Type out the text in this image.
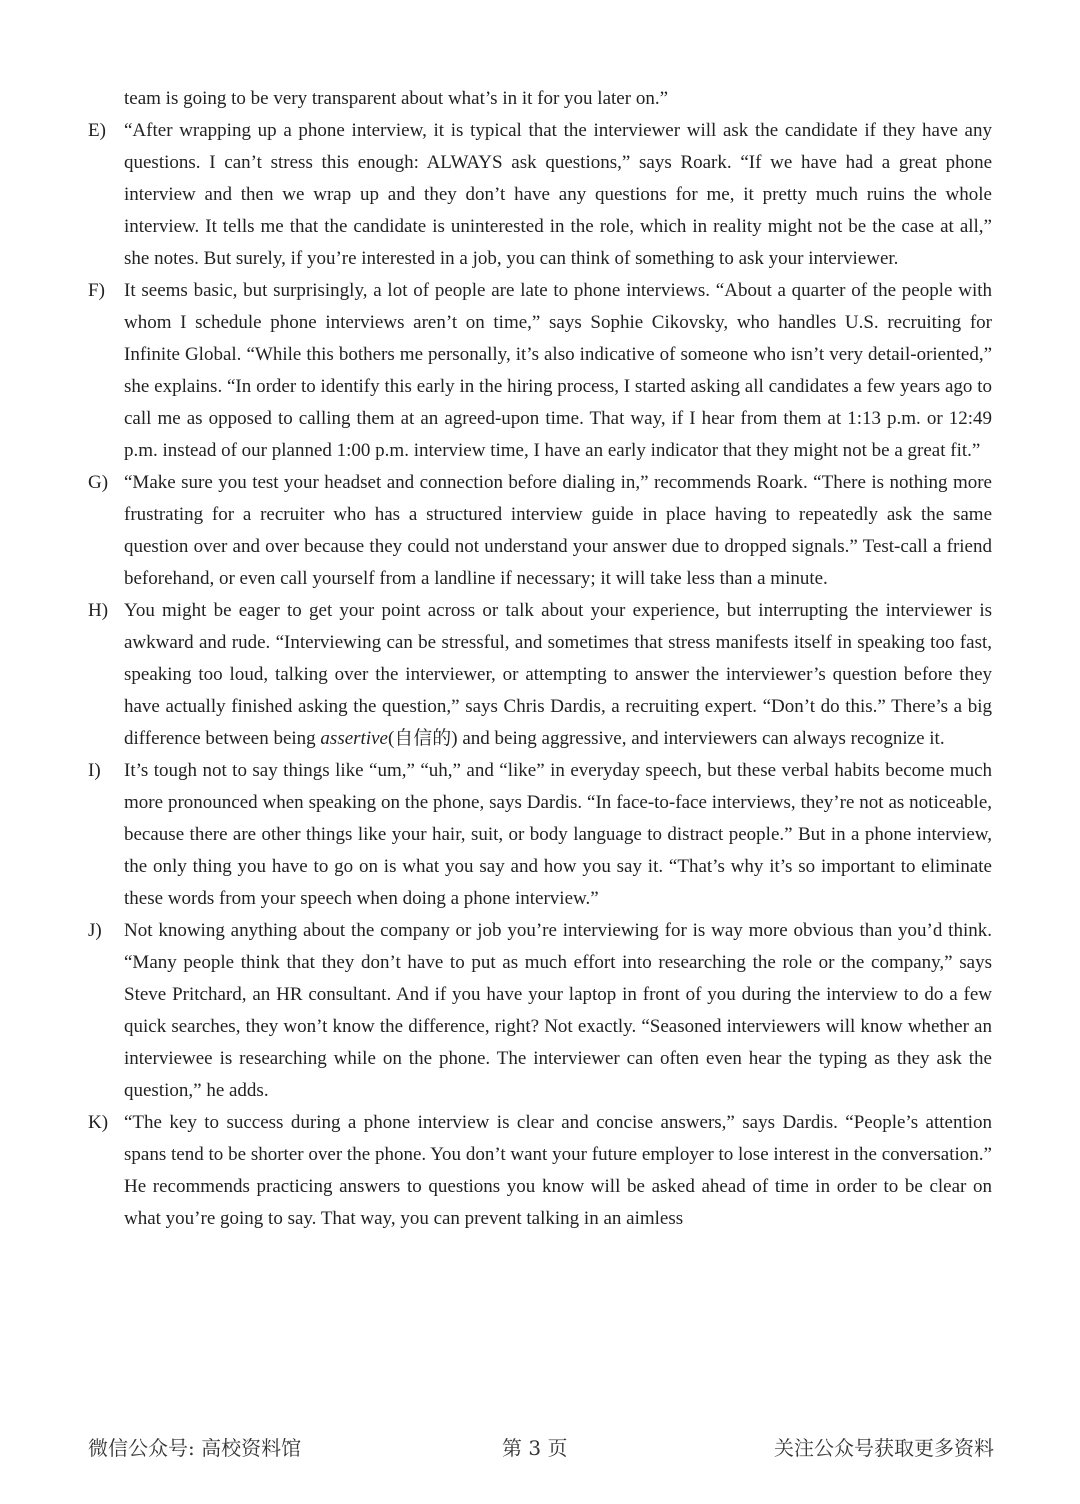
team is going to be very transparent about what’s in it for you later on.”
E) “After wrapping up a phone interview, it is typical that the interviewer will ask the candidate if they have any questions. I can’t stress this enough: ALWAYS ask questions,” says Roark. “If we have had a great phone interview and then we wrap up and they don’t have any questions for me, it pretty much ruins the whole interview. It tells me that the candidate is uninterested in the role, which in reality might not be the case at all,” she notes. But surely, if you’re interested in a job, you can think of something to ask your interviewer.
F)	It seems basic, but surprisingly, a lot of people are late to phone interviews. “About a quarter of the people with whom I schedule phone interviews aren’t on time,” says Sophie Cikovsky, who handles U.S. recruiting for Infinite Global. “While this bothers me personally, it’s also indicative of someone who isn’t very detail-oriented,” she explains. “In order to identify this early in the hiring process, I started asking all candidates a few years ago to call me as opposed to calling them at an agreed-upon time. That way, if I hear from them at 1:13 p.m. or 12:49 p.m. instead of our planned 1:00 p.m. interview time, I have an early indicator that they might not be a great fit.”
G) “Make sure you test your headset and connection before dialing in,” recommends Roark. “There is nothing more frustrating for a recruiter who has a structured interview guide in place having to repeatedly ask the same question over and over because they could not understand your answer due to dropped signals.” Test-call a friend beforehand, or even call yourself from a landline if necessary; it will take less than a minute.
H) You might be eager to get your point across or talk about your experience, but interrupting the interviewer is awkward and rude. “Interviewing can be stressful, and sometimes that stress manifests itself in speaking too fast, speaking too loud, talking over the interviewer, or attempting to answer the interviewer’s question before they have actually finished asking the question,” says Chris Dardis, a recruiting expert. “Don’t do this.” There’s a big difference between being assertive(自信的) and being aggressive, and interviewers can always recognize it.
I)	It’s tough not to say things like “um,” “uh,” and “like” in everyday speech, but these verbal habits become much more pronounced when speaking on the phone, says Dardis. “In face-to-face interviews, they’re not as noticeable, because there are other things like your hair, suit, or body language to distract people.” But in a phone interview, the only thing you have to go on is what you say and how you say it. “That’s why it’s so important to eliminate these words from your speech when doing a phone interview.”
J)	Not knowing anything about the company or job you’re interviewing for is way more obvious than you’d think. “Many people think that they don’t have to put as much effort into researching the role or the company,” says Steve Pritchard, an HR consultant. And if you have your laptop in front of you during the interview to do a few quick searches, they won’t know the difference, right? Not exactly. “Seasoned interviewers will know whether an interviewee is researching while on the phone. The interviewer can often even hear the typing as they ask the question,” he adds.
K) “The key to success during a phone interview is clear and concise answers,” says Dardis. “People’s attention spans tend to be shorter over the phone. You don’t want your future employer to lose interest in the conversation.” He recommends practicing answers to questions you know will be asked ahead of time in order to be clear on what you’re going to say. That way, you can prevent talking in an aimless
微信公众号: 高校资料馆	第 3 页	关注公众号获取更多资料
